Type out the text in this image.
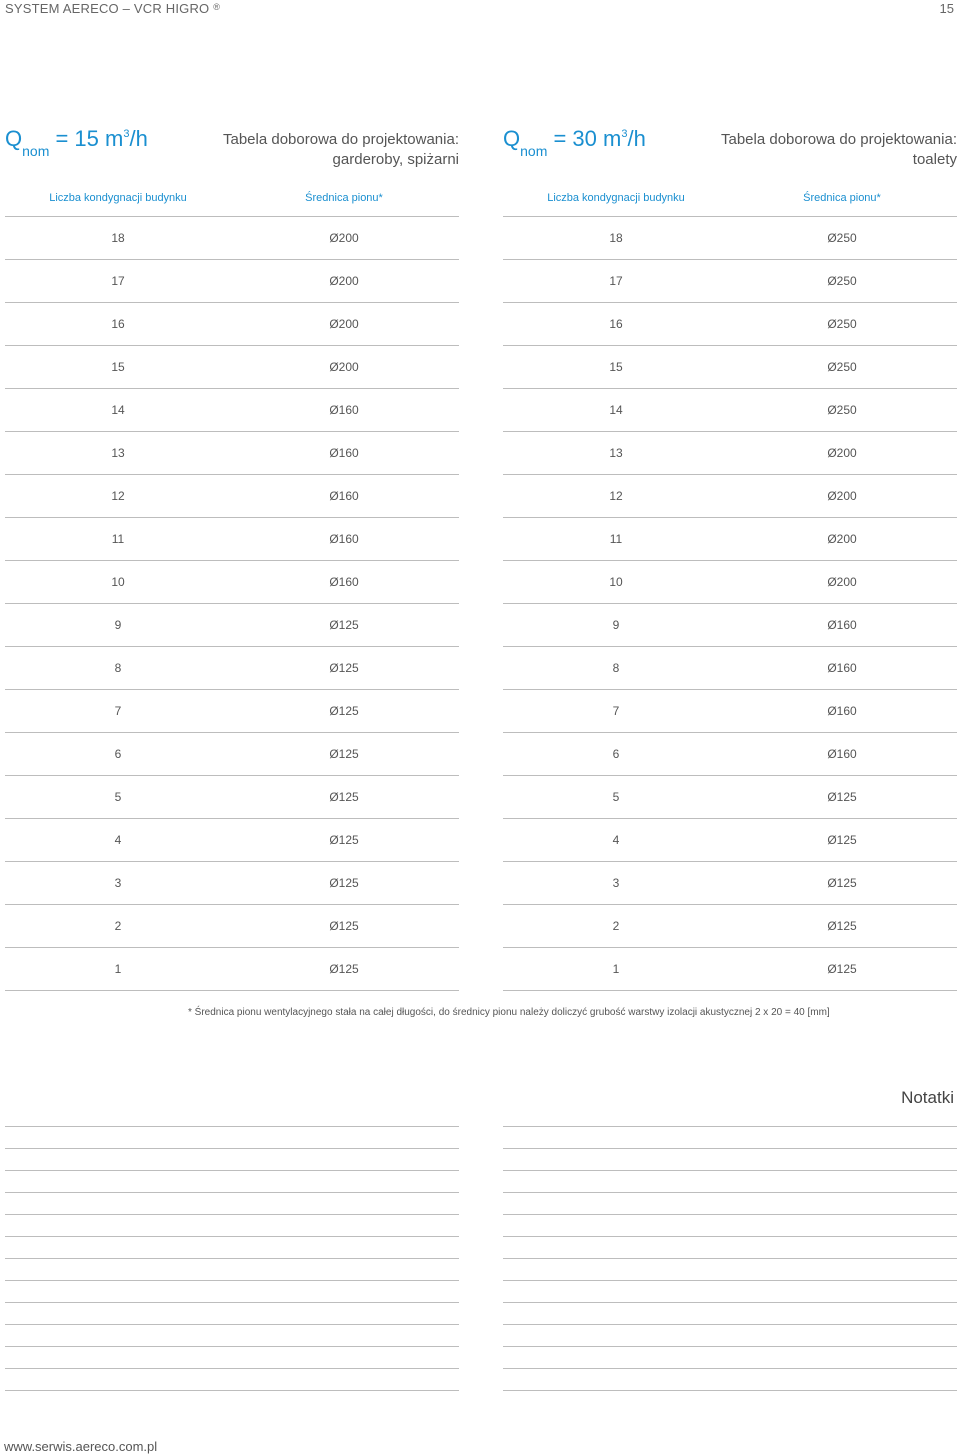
SYSTEM AERECO – VCR HIGRO ®	15
$Q_{nom} = 15$ $m^3/h$	Tabela doborowa do projektowania:
garderoby, spiżarni
Liczba kondygnacji budynku	Średnica pionu*
18	Ø200
17	Ø200
16	Ø200
15	Ø200
14	Ø160
13	Ø160
12	Ø160
11	Ø160
10	Ø160
9	Ø125
8	Ø125
7	Ø125
6	Ø125
5	Ø125
4	Ø125
3	Ø125
2	Ø125
1	Ø125
$Q_{nom} = 30$ $m^3/h$	Tabela doborowa do projektowania:
toalety
Liczba kondygnacji budynku	Średnica pionu*
18	Ø250
17	Ø250
16	Ø250
15	Ø250
14	Ø250
13	Ø200
12	Ø200
11	Ø200
10	Ø200
9	Ø160
8	Ø160
7	Ø160
6	Ø160
5	Ø125
4	Ø125
3	Ø125
2	Ø125
1	Ø125
* Średnica pionu wentylacyjnego stała na całej długości, do średnicy pionu należy doliczyć grubość warstwy izolacji akustycznej 2 x 20 = 40 [mm]
Notatki
www.serwis.aereco.com.pl
